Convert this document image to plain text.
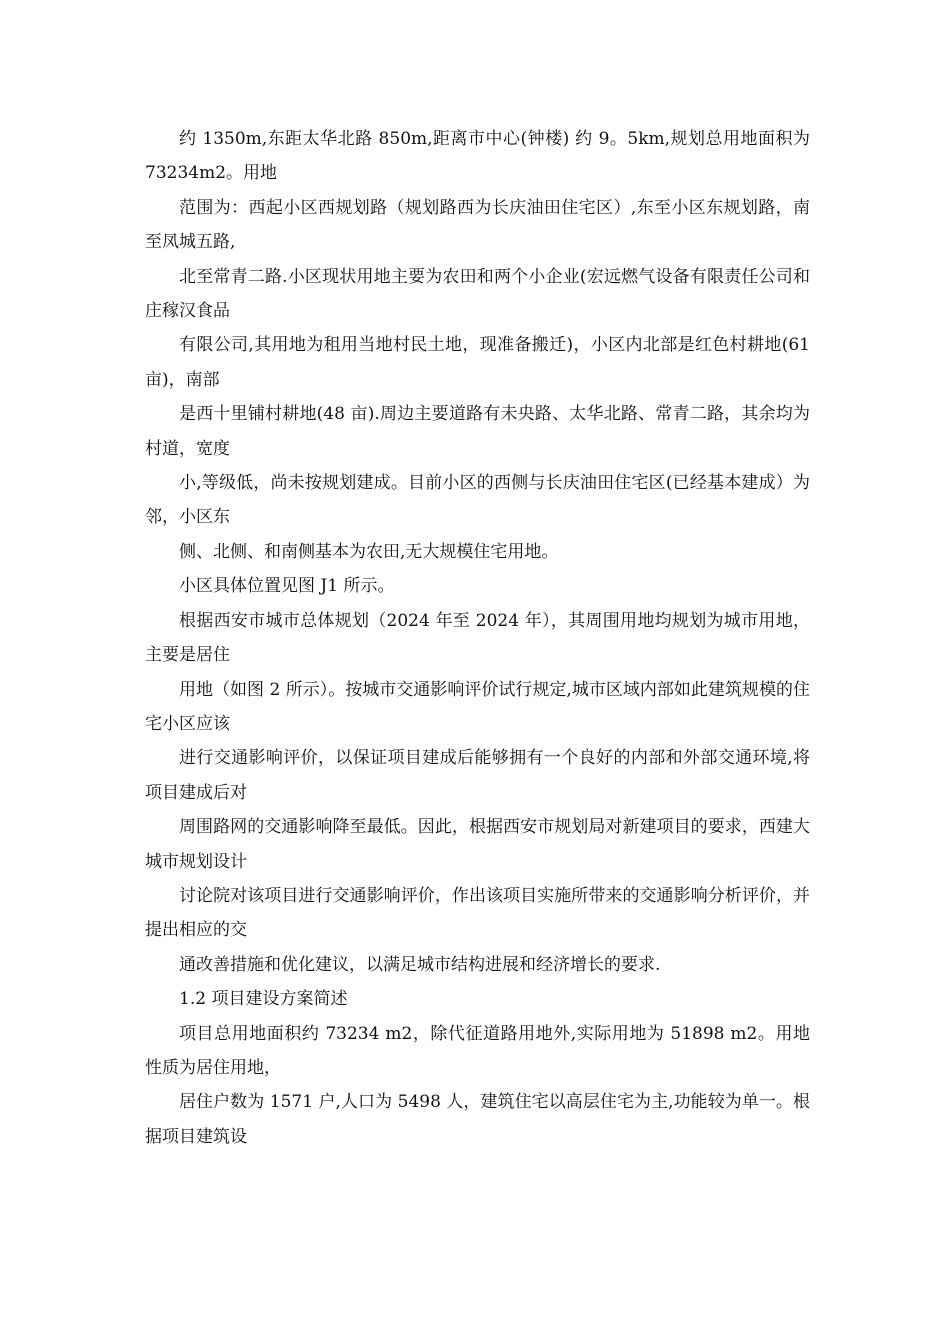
约 1350m,东距太华北路 850m,距离市中心(钟楼) 约 9。5km,规划总用地面积为 73234m2。用地

范围为：西起小区西规划路（规划路西为长庆油田住宅区）,东至小区东规划路，南至凤城五路,

北至常青二路.小区现状用地主要为农田和两个小企业(宏远燃气设备有限责任公司和庄稼汉食品

有限公司,其用地为租用当地村民土地，现准备搬迁)，小区内北部是红色村耕地(61 亩)，南部

是西十里铺村耕地(48 亩).周边主要道路有未央路、太华北路、常青二路，其余均为村道，宽度

小,等级低，尚未按规划建成。目前小区的西侧与长庆油田住宅区(已经基本建成）为邻，小区东

侧、北侧、和南侧基本为农田,无大规模住宅用地。

小区具体位置见图 J1 所示。

根据西安市城市总体规划（2024 年至 2024 年），其周围用地均规划为城市用地，主要是居住

用地（如图 2 所示）。按城市交通影响评价试行规定,城市区域内部如此建筑规模的住宅小区应该

进行交通影响评价，以保证项目建成后能够拥有一个良好的内部和外部交通环境,将项目建成后对

周围路网的交通影响降至最低。因此，根据西安市规划局对新建项目的要求，西建大城市规划设计

讨论院对该项目进行交通影响评价，作出该项目实施所带来的交通影响分析评价，并提出相应的交

通改善措施和优化建议，以满足城市结构进展和经济增长的要求.

1.2 项目建设方案简述

项目总用地面积约 73234 m2，除代征道路用地外,实际用地为 51898 m2。用地性质为居住用地，

居住户数为 1571 户,人口为 5498 人，建筑住宅以高层住宅为主,功能较为单一。根据项目建筑设
